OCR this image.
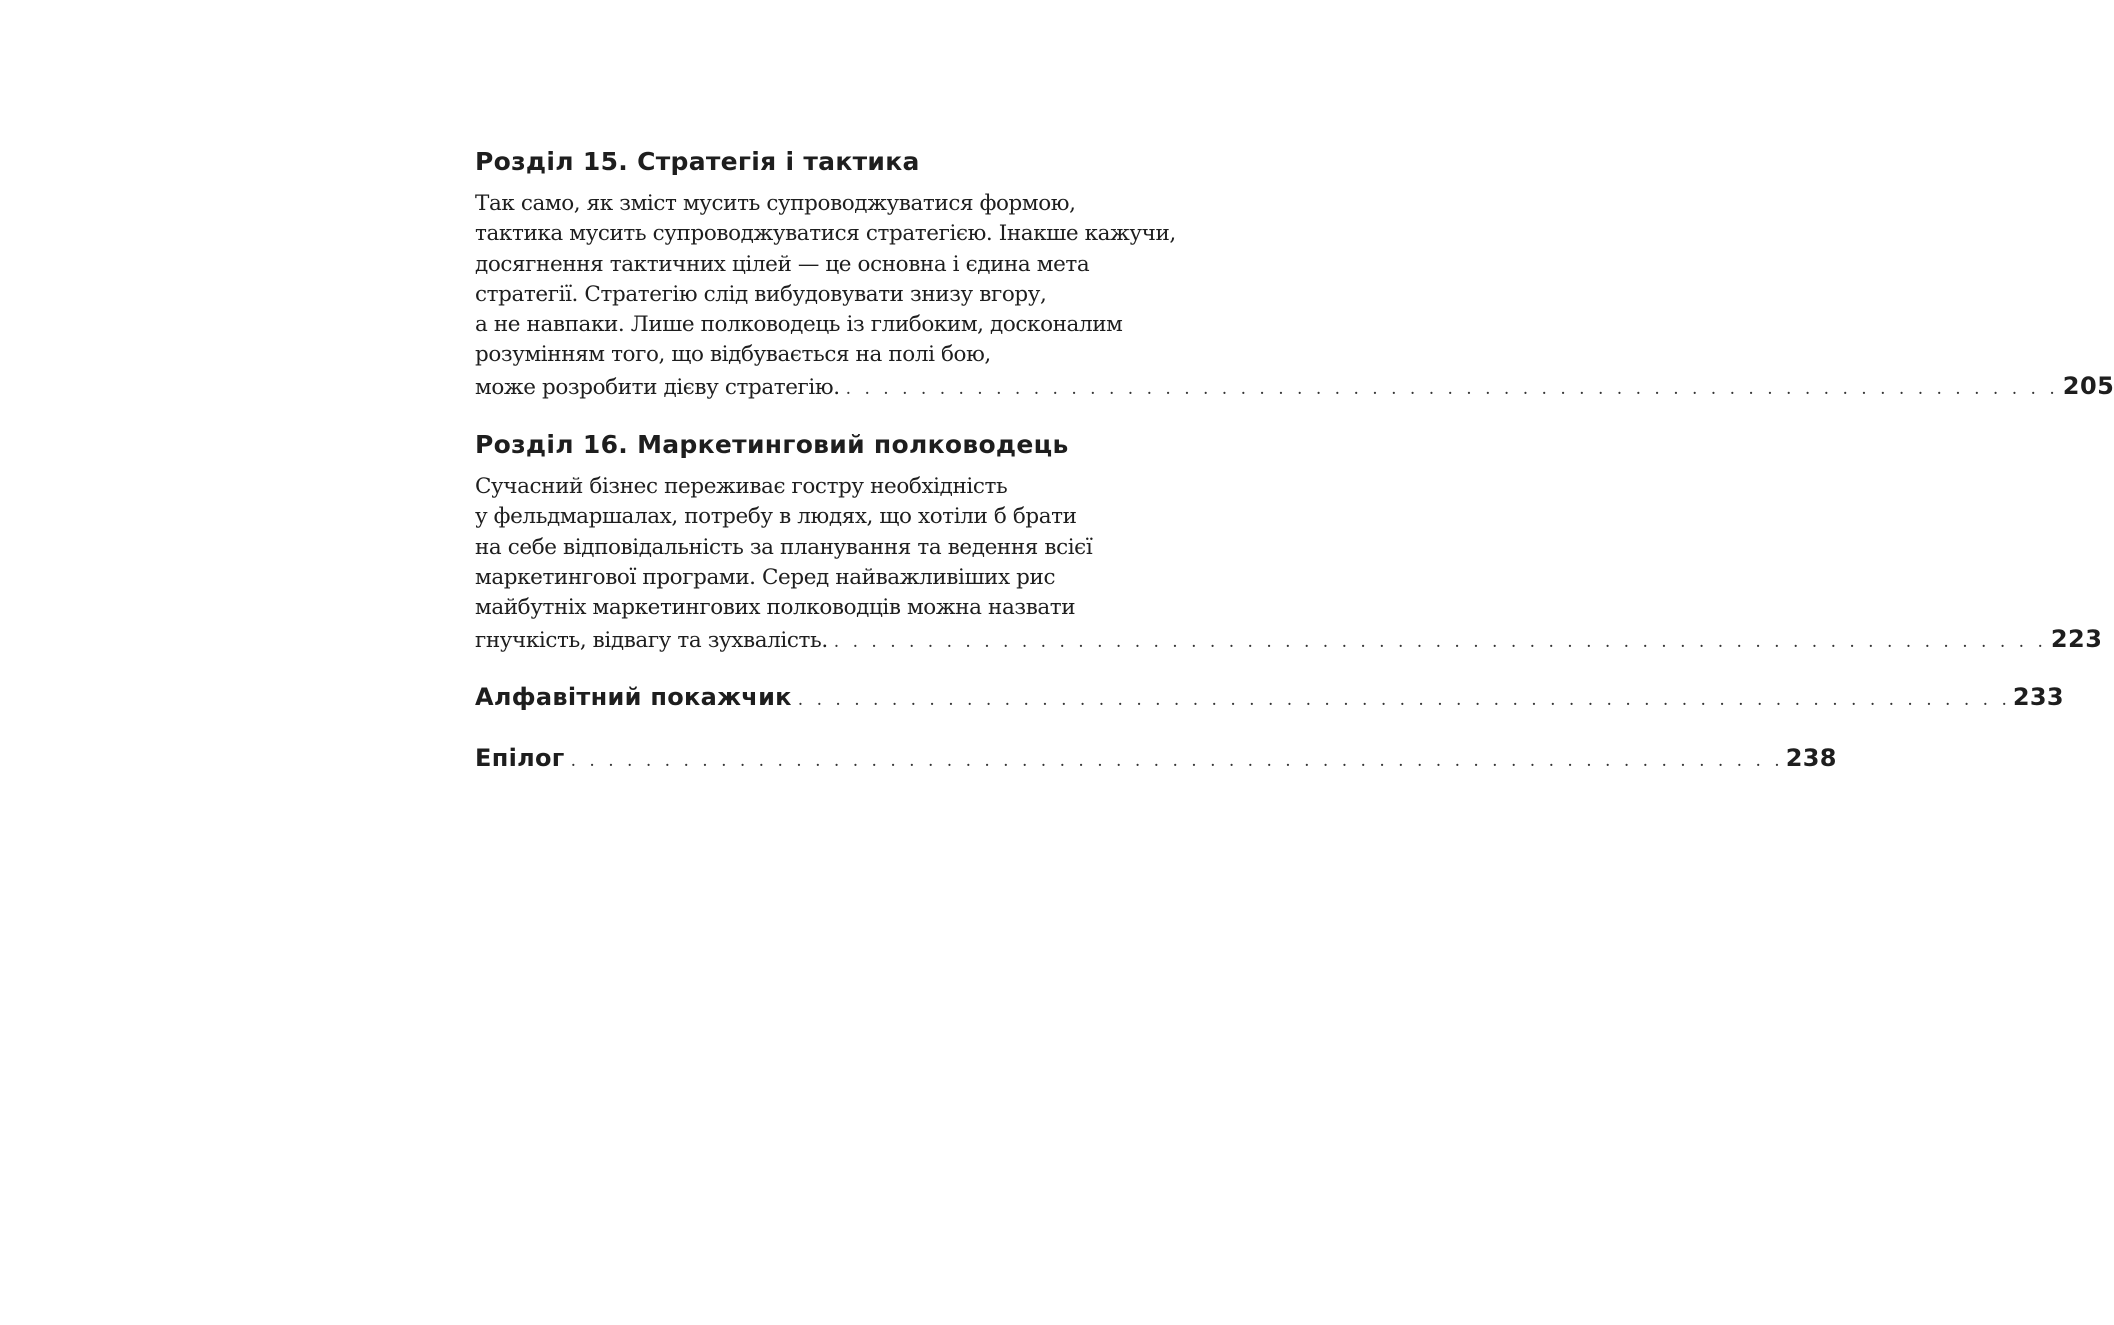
Розділ 15. Стратегія і тактика

Так само, як зміст мусить супроводжуватися формою,
тактика мусить супроводжуватися стратегією. Інакше кажучи,
досягнення тактичних цілей — це основна і єдина мета
стратегії. Стратегію слід вибудовувати знизу вгору,
а не навпаки. Лише полководець із глибоким, досконалим
розумінням того, що відбувається на полі бою,
може розробити дієву стратегію. . . . . . . . . . . . . . . . . . . . . . . . . . . . . . . . . . . . . . . . . . . . . . . . . . . . . . . . . . . . . . . . . . 205

Розділ 16. Маркетинговий полководець

Сучасний бізнес переживає гостру необхідність
у фельдмаршалах, потребу в людях, що хотіли б брати
на себе відповідальність за планування та ведення всієї
маркетингової програми. Серед найважливіших рис
майбутніх маркетингових полководців можна назвати
гнучкість, відвагу та зухвалість. . . . . . . . . . . . . . . . . . . . . . . . . . . . . . . . . . . . . . . . . . . . . . . . . . . . . . . . . . . . . . . . . . 223

Алфавітний покажчик . . . . . . . . . . . . . . . . . . . . . . . . . . . . . . . . . . . . . . . . . . . . . . . . . . . . . . . . . . . . . . . . . 233
Епілог . . . . . . . . . . . . . . . . . . . . . . . . . . . . . . . . . . . . . . . . . . . . . . . . . . . . . . . . . . . . . . . . . 238
